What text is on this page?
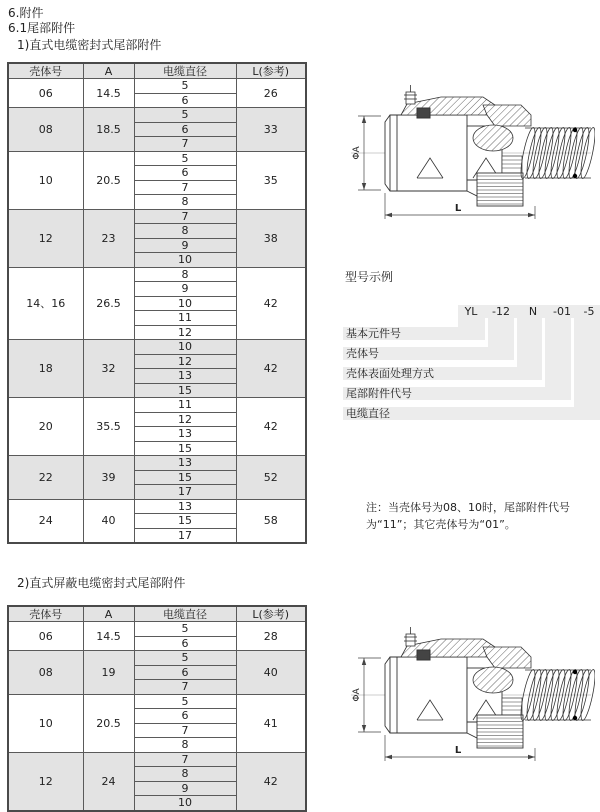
6.附件
6.1尾部附件
1)直式电缆密封式尾部附件
壳体号	A	电缆直径	L(参考)
06	14.5	5	26
		6	
08	18.5	5	33
		6	
		7	
10	20.5	5	35
		6	
		7	
		8	
12	23	7	38
		8	
		9	
		10	
14、16	26.5	8	42
		9	
		10	
		11	
		12	
18	32	10	42
		12	
		13	
		15	
20	35.5	11	42
		12	
		13	
		15	
22	39	13	52
		15	
		17	
24	40	13	58
		15	
		17	
型号示例
YL -12 N -01 -5
基本元件号
壳体号
壳体表面处理方式
尾部附件代号
电缆直径
注：当壳体号为08、10时，尾部附件代号为“11”；其它壳体号为“01”。
2)直式屏蔽电缆密封式尾部附件
壳体号	A	电缆直径	L(参考)
06	14.5	5	28
		6	
08	19	5	40
		6	
		7	
10	20.5	5	41
		6	
		7	
		8	
12	24	7	42
		8	
		9	
		10	
